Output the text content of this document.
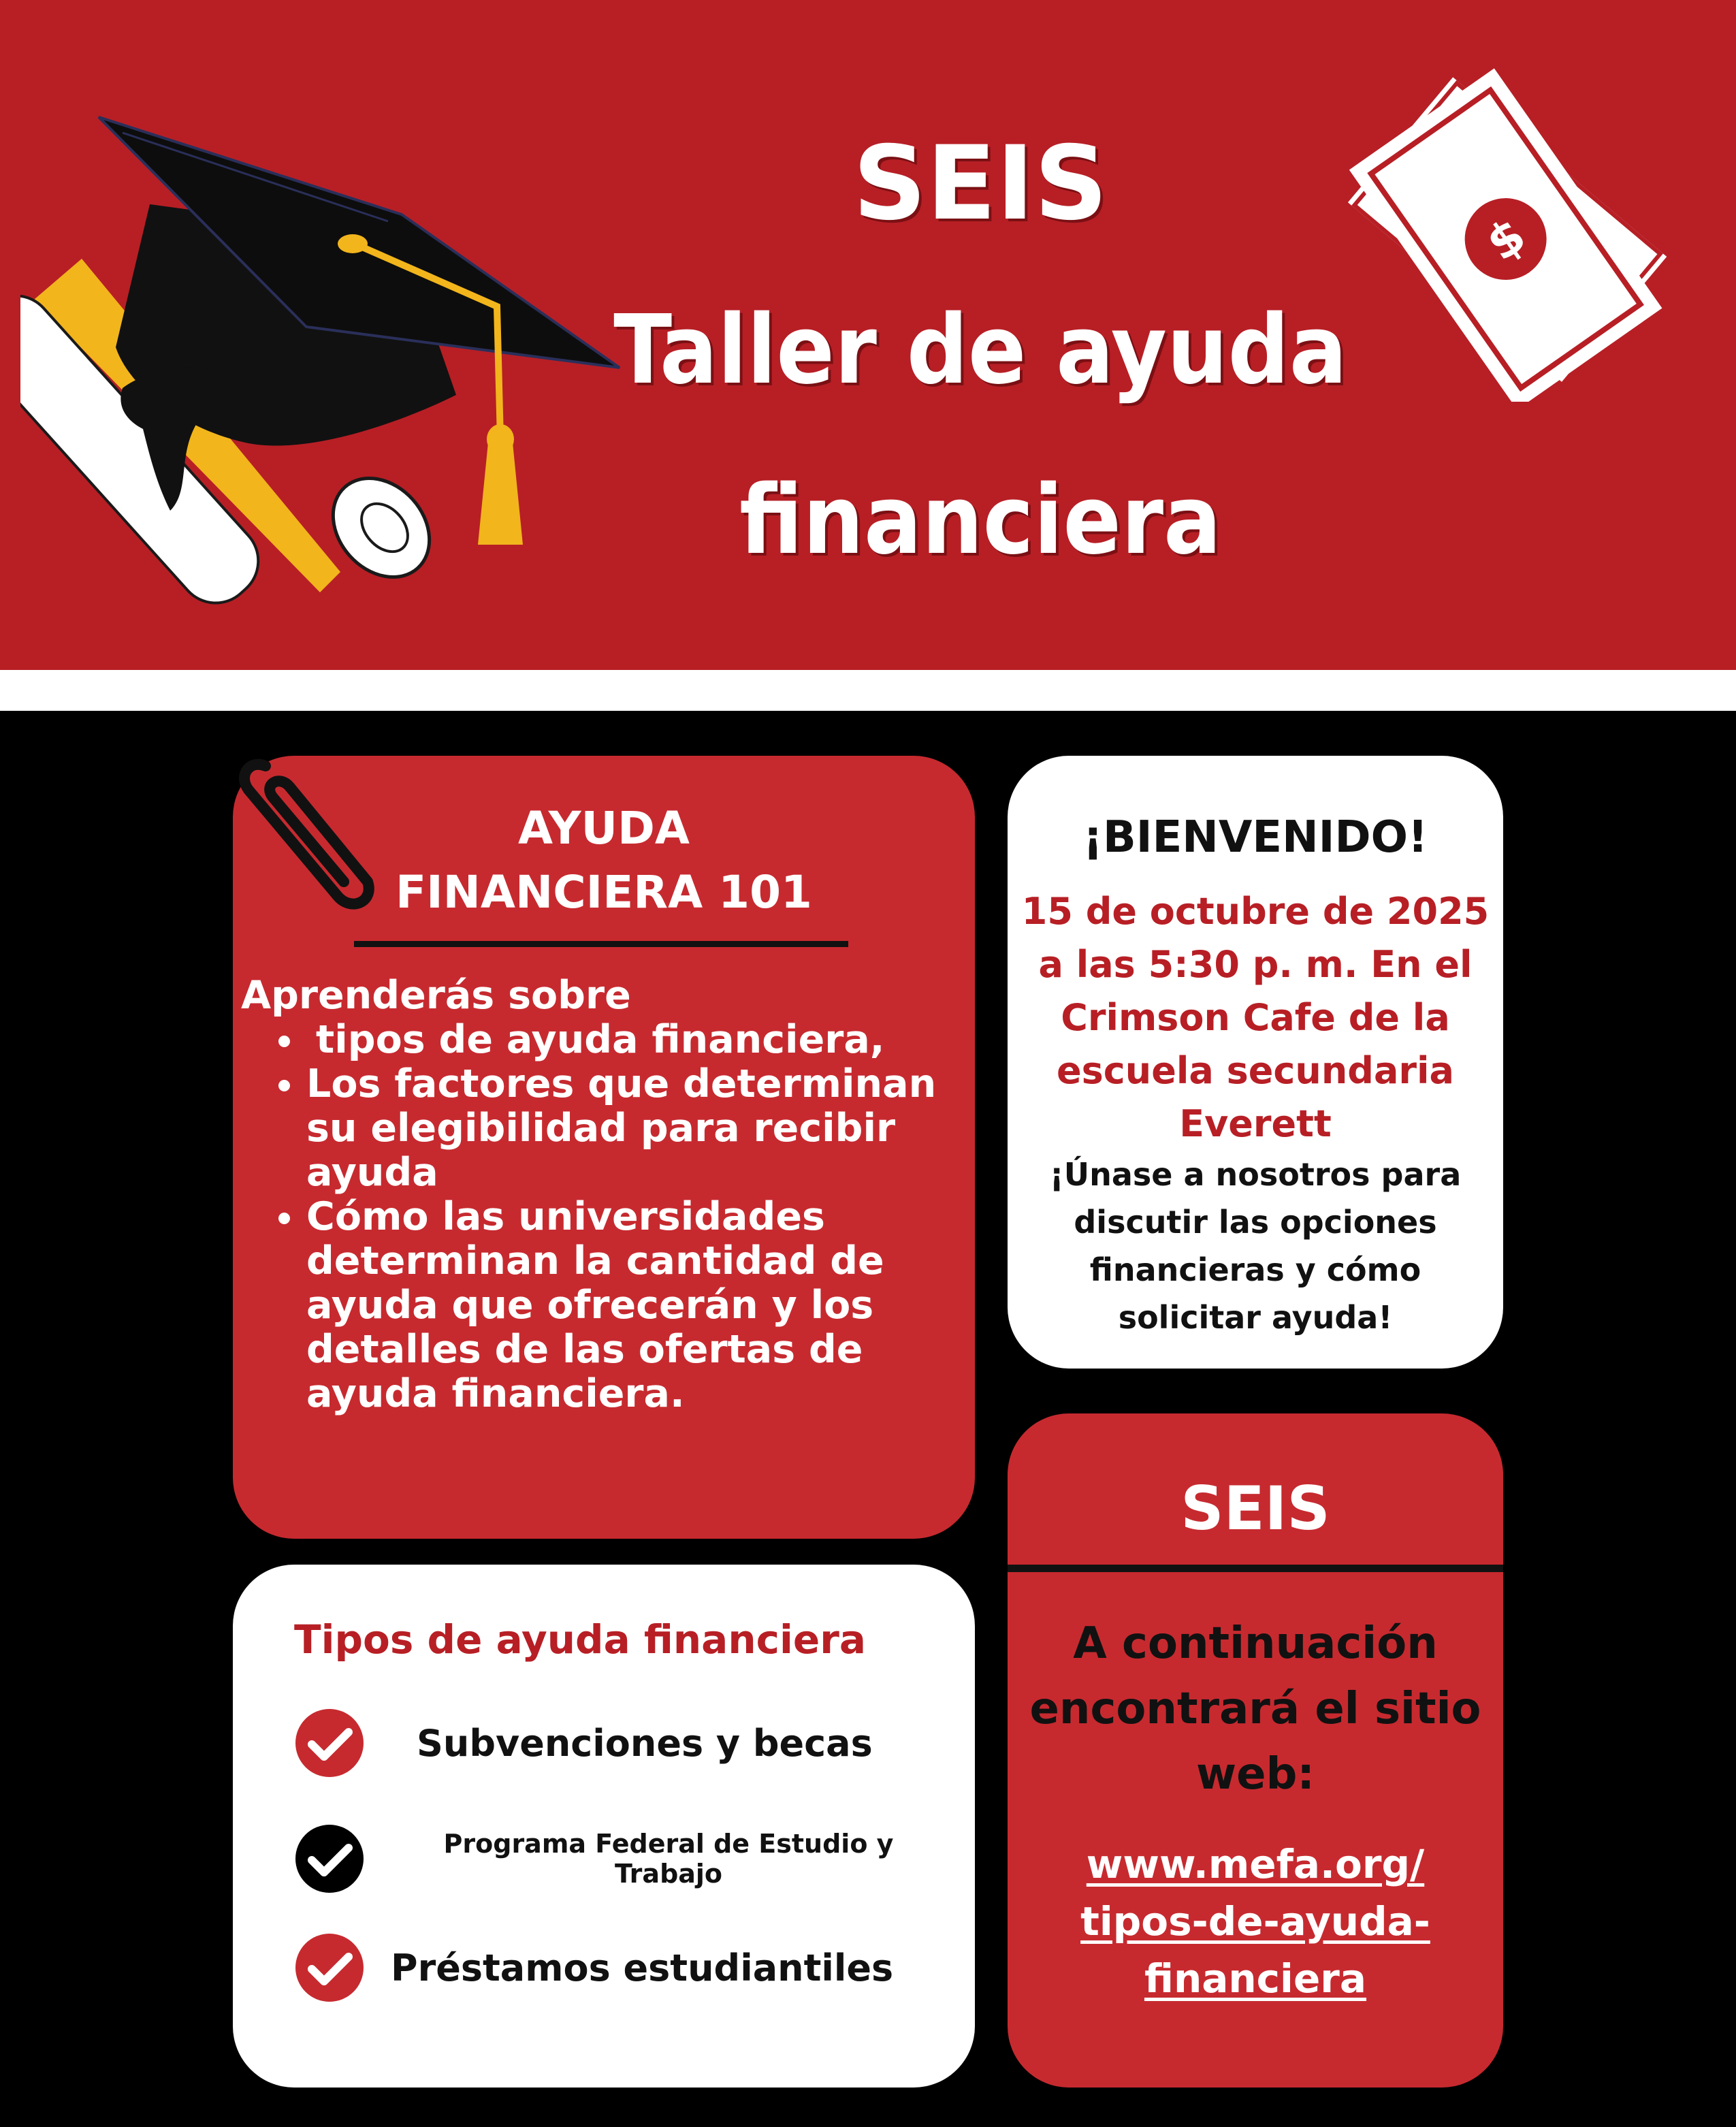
$
SEIS
Taller de ayuda
financiera
AYUDA
FINANCIERA 101
Aprenderás sobre
• tipos de ayuda financiera,
• Los factores que determinan su elegibilidad para recibir ayuda
• Cómo las universidades determinan la cantidad de ayuda que ofrecerán y los detalles de las ofertas de ayuda financiera.
¡BIENVENIDO!
15 de octubre de 2025 a las 5:30 p. m. En el Crimson Cafe de la escuela secundaria Everett
¡Únase a nosotros para discutir las opciones financieras y cómo solicitar ayuda!
Tipos de ayuda financiera
Subvenciones y becas
Programa Federal de Estudio y Trabajo
Préstamos estudiantiles
SEIS
A continuación encontrará el sitio web:
www.mefa.org/
tipos-de-ayuda-
financiera
